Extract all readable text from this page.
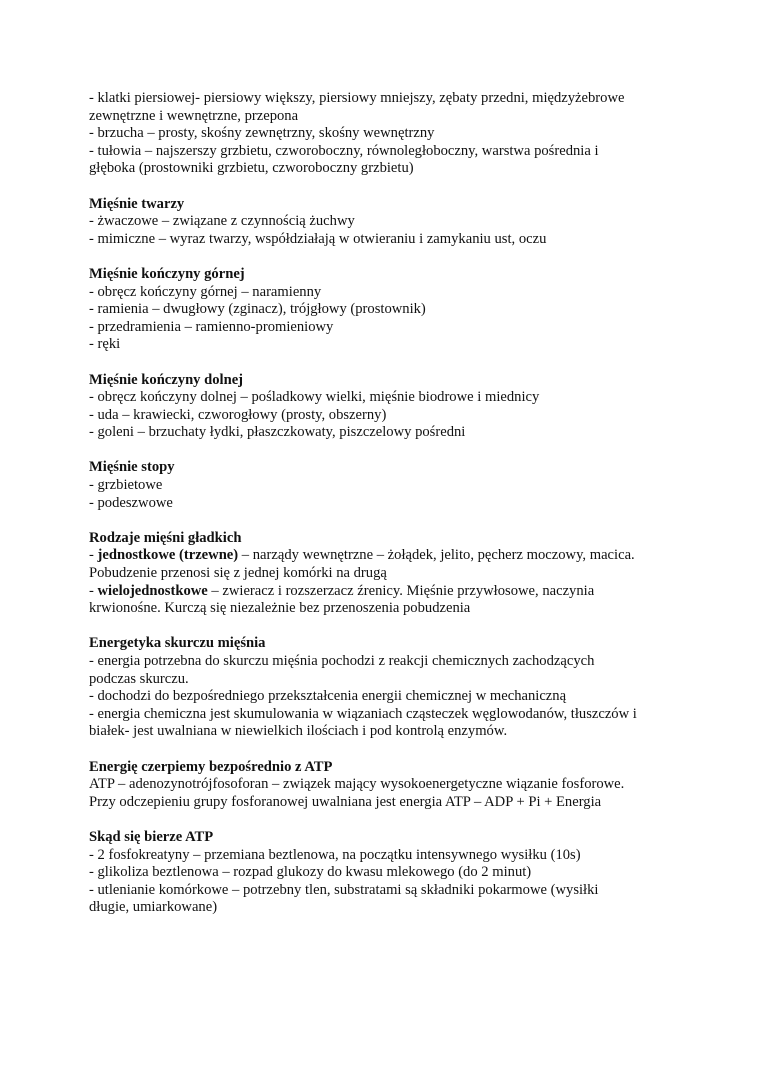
- klatki piersiowej- piersiowy większy, piersiowy mniejszy, zębaty przedni, międzyżebrowe
zewnętrzne i wewnętrzne, przepona
- brzucha – prosty, skośny zewnętrzny, skośny wewnętrzny
- tułowia – najszerszy grzbietu, czworoboczny, równoległoboczny, warstwa pośrednia i
głęboka (prostowniki grzbietu, czworoboczny grzbietu)
Mięśnie twarzy
- żwaczowe – związane z czynnością żuchwy
- mimiczne – wyraz twarzy, współdziałają w otwieraniu i zamykaniu ust, oczu
Mięśnie kończyny górnej
- obręcz kończyny górnej – naramienny
- ramienia – dwugłowy (zginacz), trójgłowy (prostownik)
- przedramienia – ramienno-promieniowy
- ręki
Mięśnie kończyny dolnej
- obręcz kończyny dolnej – pośladkowy wielki, mięśnie biodrowe i miednicy
- uda – krawiecki, czworogłowy (prosty, obszerny)
- goleni – brzuchaty łydki, płaszczkowaty, piszczelowy pośredni
Mięśnie stopy
- grzbietowe
- podeszwowe
Rodzaje mięśni gładkich
- jednostkowe (trzewne) – narządy wewnętrzne – żołądek, jelito, pęcherz moczowy, macica.
Pobudzenie przenosi się z jednej komórki na drugą
- wielojednostkowe – zwieracz i rozszerzacz źrenicy. Mięśnie przywłosowe, naczynia
krwionośne. Kurczą się niezależnie bez przenoszenia pobudzenia
Energetyka skurczu mięśnia
- energia potrzebna do skurczu mięśnia pochodzi z reakcji chemicznych zachodzących
podczas skurczu.
- dochodzi do bezpośredniego przekształcenia energii chemicznej w mechaniczną
- energia chemiczna jest skumulowania w wiązaniach cząsteczek węglowodanów, tłuszczów i
białek- jest uwalniana w niewielkich ilościach i pod kontrolą enzymów.
Energię czerpiemy bezpośrednio z ATP
ATP – adenozynotrójfosoforan – związek mający wysokoenergetyczne wiązanie fosforowe.
Przy odczepieniu grupy fosforanowej uwalniana jest energia ATP – ADP + Pi + Energia
Skąd się bierze ATP
- 2 fosfokreatyny – przemiana beztlenowa, na początku intensywnego wysiłku (10s)
- glikoliza beztlenowa – rozpad glukozy do kwasu mlekowego (do 2 minut)
- utlenianie komórkowe – potrzebny tlen, substratami są składniki pokarmowe (wysiłki
długie, umiarkowane)
